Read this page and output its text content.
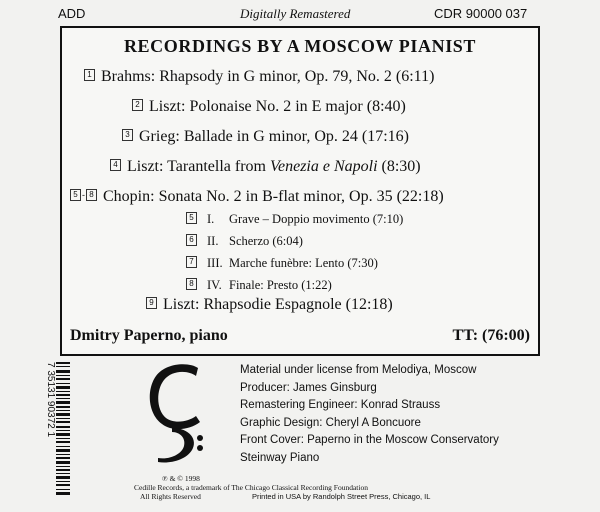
ADD	Digitally Remastered	CDR 90000 037
RECORDINGS BY A MOSCOW PIANIST
1 Brahms: Rhapsody in G minor, Op. 79, No. 2 (6:11)
2 Liszt: Polonaise No. 2 in E major (8:40)
3 Grieg: Ballade in G minor, Op. 24 (17:16)
4 Liszt: Tarantella from Venezia e Napoli (8:30)
5 - 8 Chopin: Sonata No. 2 in B-flat minor, Op. 35 (22:18)
5 I. Grave – Doppio movimento (7:10)
6 II. Scherzo (6:04)
7 III. Marche funèbre: Lento (7:30)
8 IV. Finale: Presto (1:22)
9 Liszt: Rhapsodie Espagnole (12:18)
Dmitry Paperno, piano	TT: (76:00)
7 35131 90372 1
℗ & © 1998
Cedille Records, a trademark of The Chicago Classical Recording Foundation
All Rights Reserved	Printed in USA by Randolph Street Press, Chicago, IL
Material under license from Melodiya, Moscow
Producer: James Ginsburg
Remastering Engineer: Konrad Strauss
Graphic Design: Cheryl A Boncuore
Front Cover: Paperno in the Moscow Conservatory
Steinway Piano
